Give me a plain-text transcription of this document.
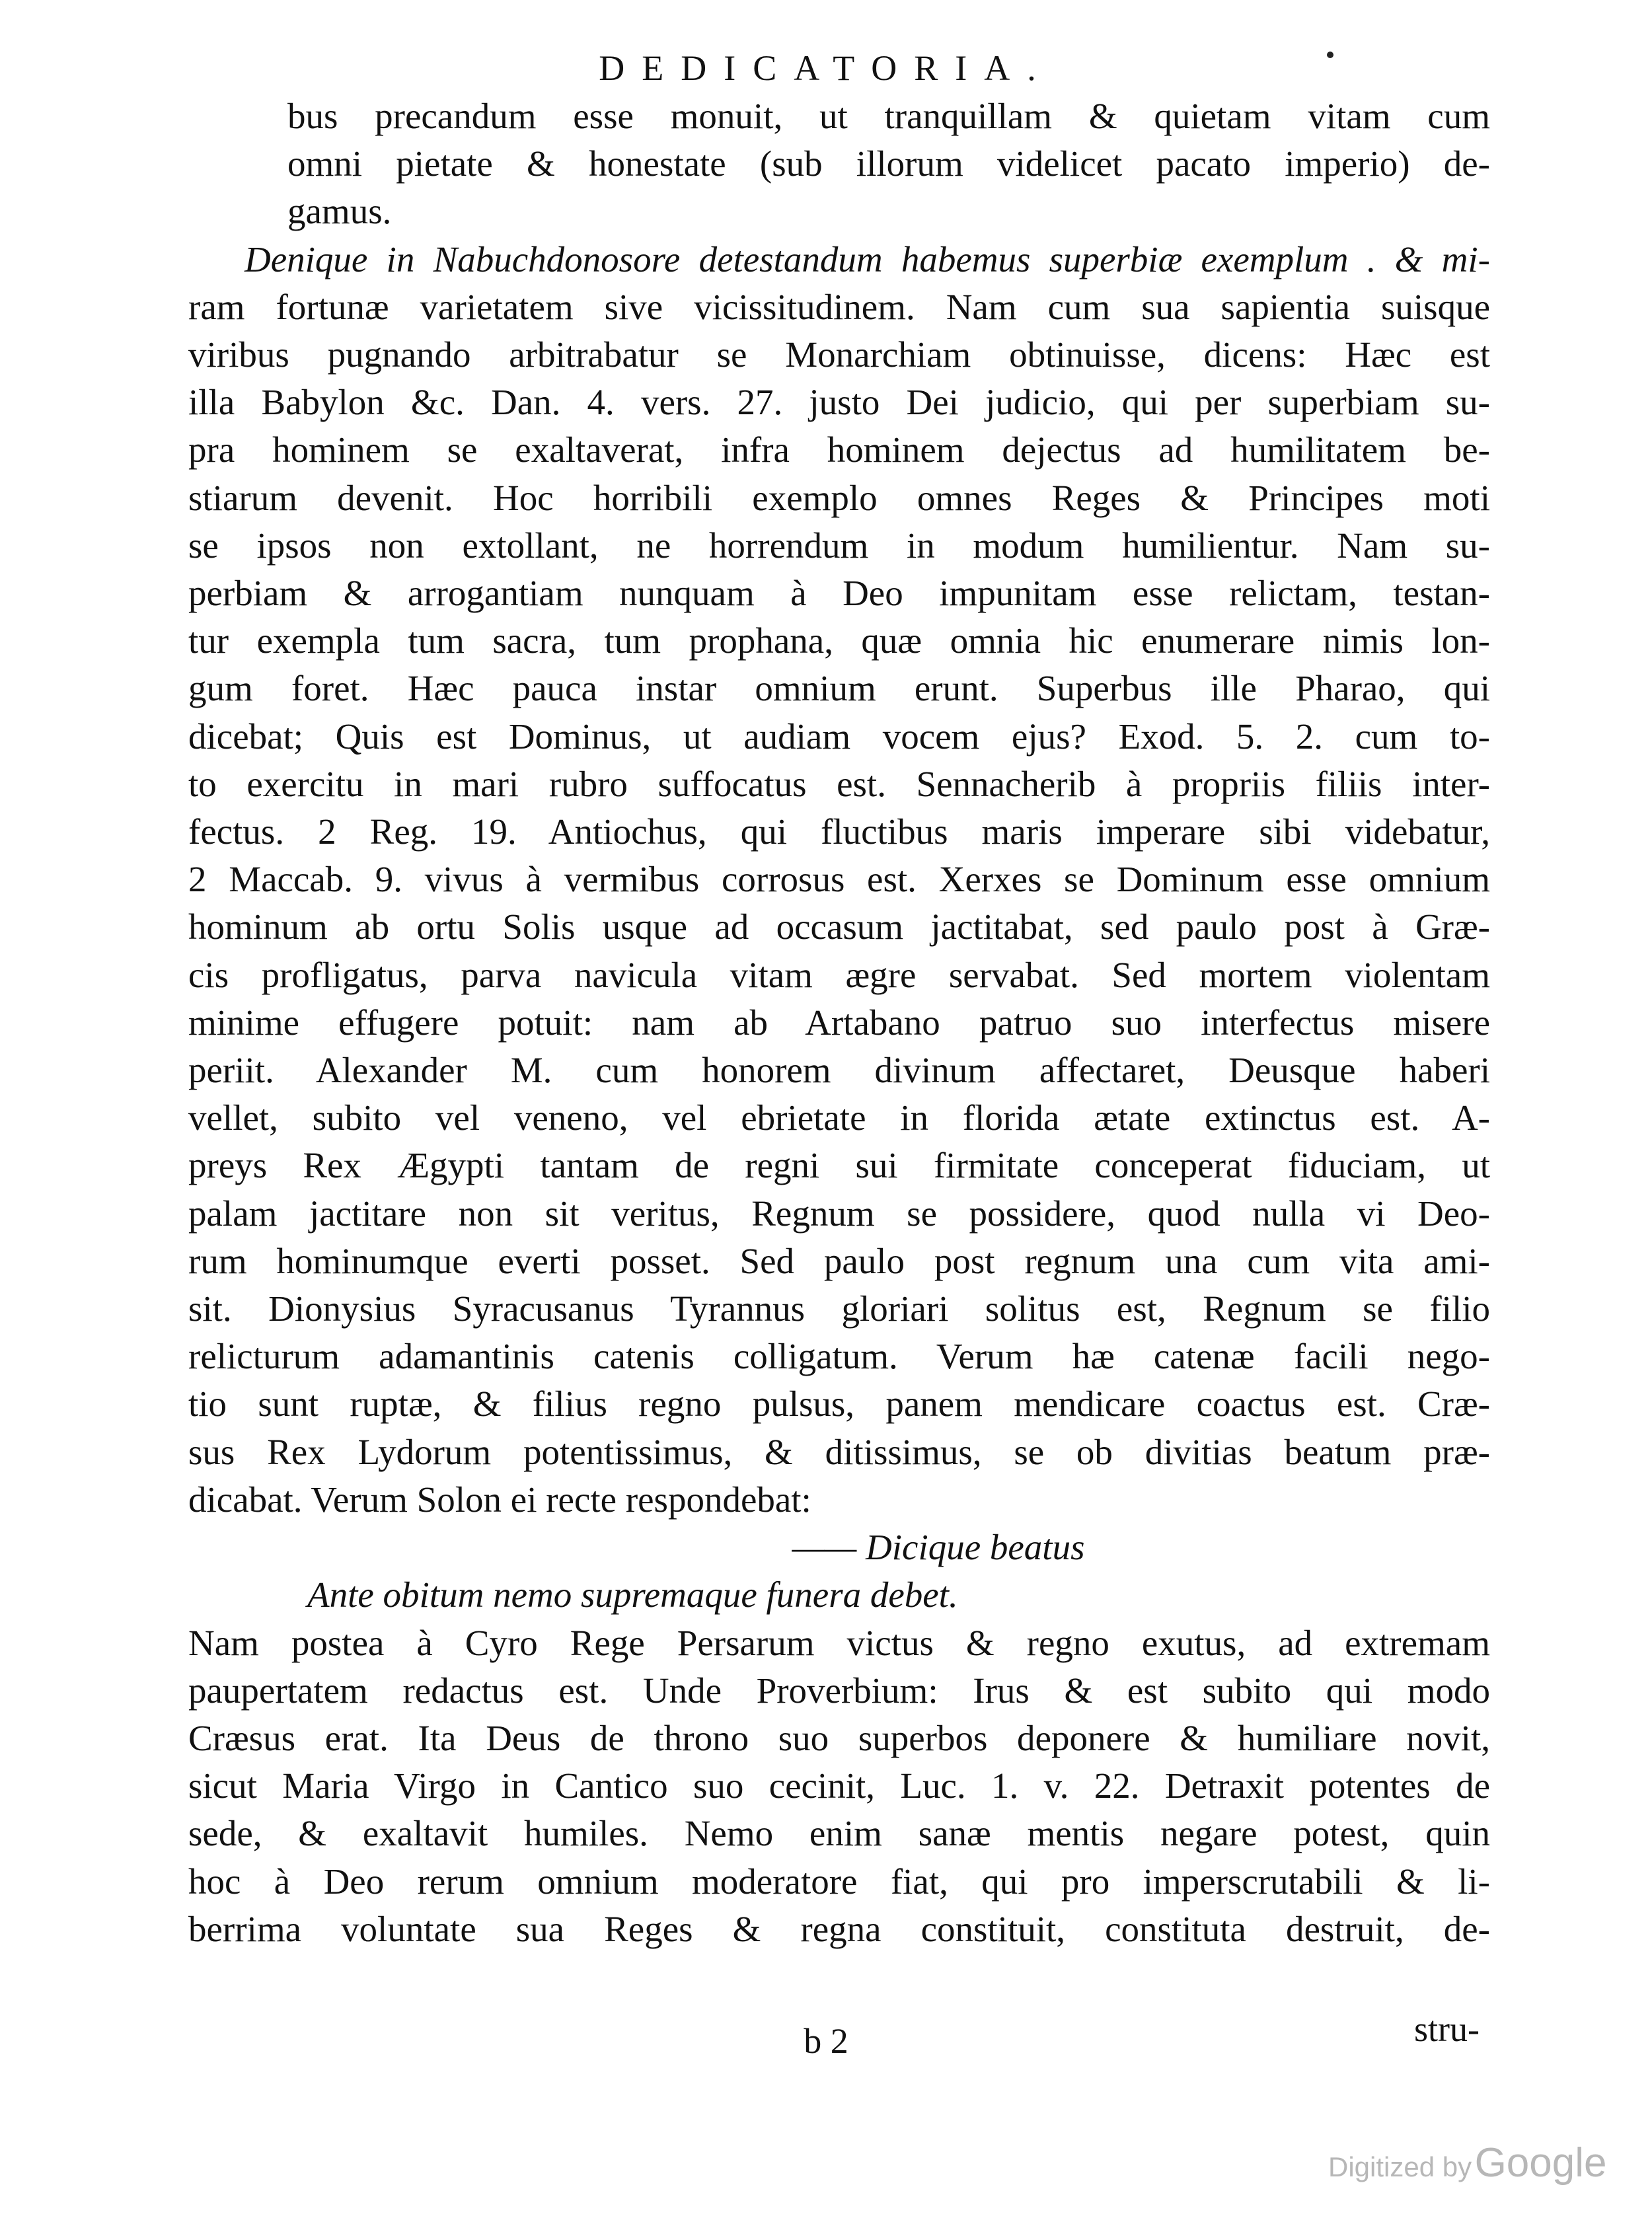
DEDICATORIA.
bus precandum esse monuit, ut tranquillam & quietam vitam cum
omni pietate & honestate (sub illorum videlicet pacato imperio) de-
gamus.
Denique in Nabuchdonosore detestandum habemus superbiæ exemplum . & mi-
ram fortunæ varietatem sive vicissitudinem. Nam cum sua sapientia suisque
viribus pugnando arbitrabatur se Monarchiam obtinuisse, dicens: Hæc est
illa Babylon &c. Dan. 4. vers. 27. justo Dei judicio, qui per superbiam su-
pra hominem se exaltaverat, infra hominem dejectus ad humilitatem be-
stiarum devenit. Hoc horribili exemplo omnes Reges & Principes moti
se ipsos non extollant, ne horrendum in modum humilientur. Nam su-
perbiam & arrogantiam nunquam à Deo impunitam esse relictam, testan-
tur exempla tum sacra, tum prophana, quæ omnia hic enumerare nimis lon-
gum foret. Hæc pauca instar omnium erunt. Superbus ille Pharao, qui
dicebat; Quis est Dominus, ut audiam vocem ejus? Exod. 5. 2. cum to-
to exercitu in mari rubro suffocatus est. Sennacherib à propriis filiis inter-
fectus. 2 Reg. 19. Antiochus, qui fluctibus maris imperare sibi videbatur,
2 Maccab. 9. vivus à vermibus corrosus est. Xerxes se Dominum esse omnium
hominum ab ortu Solis usque ad occasum jactitabat, sed paulo post à Græ-
cis profligatus, parva navicula vitam ægre servabat. Sed mortem violentam
minime effugere potuit: nam ab Artabano patruo suo interfectus misere
periit. Alexander M. cum honorem divinum affectaret, Deusque haberi
vellet, subito vel veneno, vel ebrietate in florida ætate extinctus est. A-
preys Rex Ægypti tantam de regni sui firmitate conceperat fiduciam, ut
palam jactitare non sit veritus, Regnum se possidere, quod nulla vi Deo-
rum hominumque everti posset. Sed paulo post regnum una cum vita ami-
sit. Dionysius Syracusanus Tyrannus gloriari solitus est, Regnum se filio
relicturum adamantinis catenis colligatum. Verum hæ catenæ facili nego-
tio sunt ruptæ, & filius regno pulsus, panem mendicare coactus est. Cræ-
sus Rex Lydorum potentissimus, & ditissimus, se ob divitias beatum præ-
dicabat. Verum Solon ei recte respondebat:
—— Dicique beatus
Ante obitum nemo supremaque funera debet.
Nam postea à Cyro Rege Persarum victus & regno exutus, ad extremam
paupertatem redactus est. Unde Proverbium: Irus & est subito qui modo
Cræsus erat. Ita Deus de throno suo superbos deponere & humiliare novit,
sicut Maria Virgo in Cantico suo cecinit, Luc. 1. v. 22. Detraxit potentes de
sede, & exaltavit humiles. Nemo enim sanæ mentis negare potest, quin
hoc à Deo rerum omnium moderatore fiat, qui pro imperscrutabili & li-
berrima voluntate sua Reges & regna constituit, constituta destruit, de-
b 2	stru-
Digitized by Google
